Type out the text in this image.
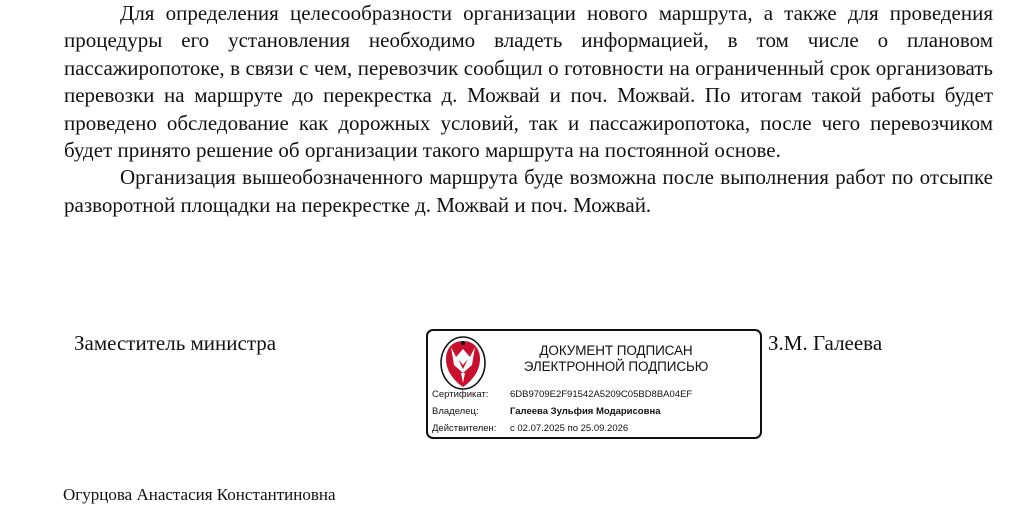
Для определения целесообразности организации нового маршрута, а также для проведения процедуры его установления необходимо владеть информацией, в том числе о плановом пассажиропотоке, в связи с чем, перевозчик сообщил о готовности на ограниченный срок организовать перевозки на маршруте до перекрестка д. Можвай и поч. Можвай. По итогам такой работы будет проведено обследование как дорожных условий, так и пассажиропотока, после чего перевозчиком будет принято решение об организации такого маршрута на постоянной основе.

Организация вышеобозначенного маршрута буде возможна после выполнения работ по отсыпке разворотной площадки на перекрестке д. Можвай и поч. Можвай.

Заместитель министра	ДОКУМЕНТ ПОДПИСАН
ЭЛЕКТРОННОЙ ПОДПИСЬЮ
Сертификат: 6DB9709E2F91542A5209C05BD8BA04EF
Владелец:	Галеева Зульфия Модарисовна
Действителен: с 02.07.2025 по 25.09.2026
З.М. Галеева
Огурцова Анастасия Константиновна
